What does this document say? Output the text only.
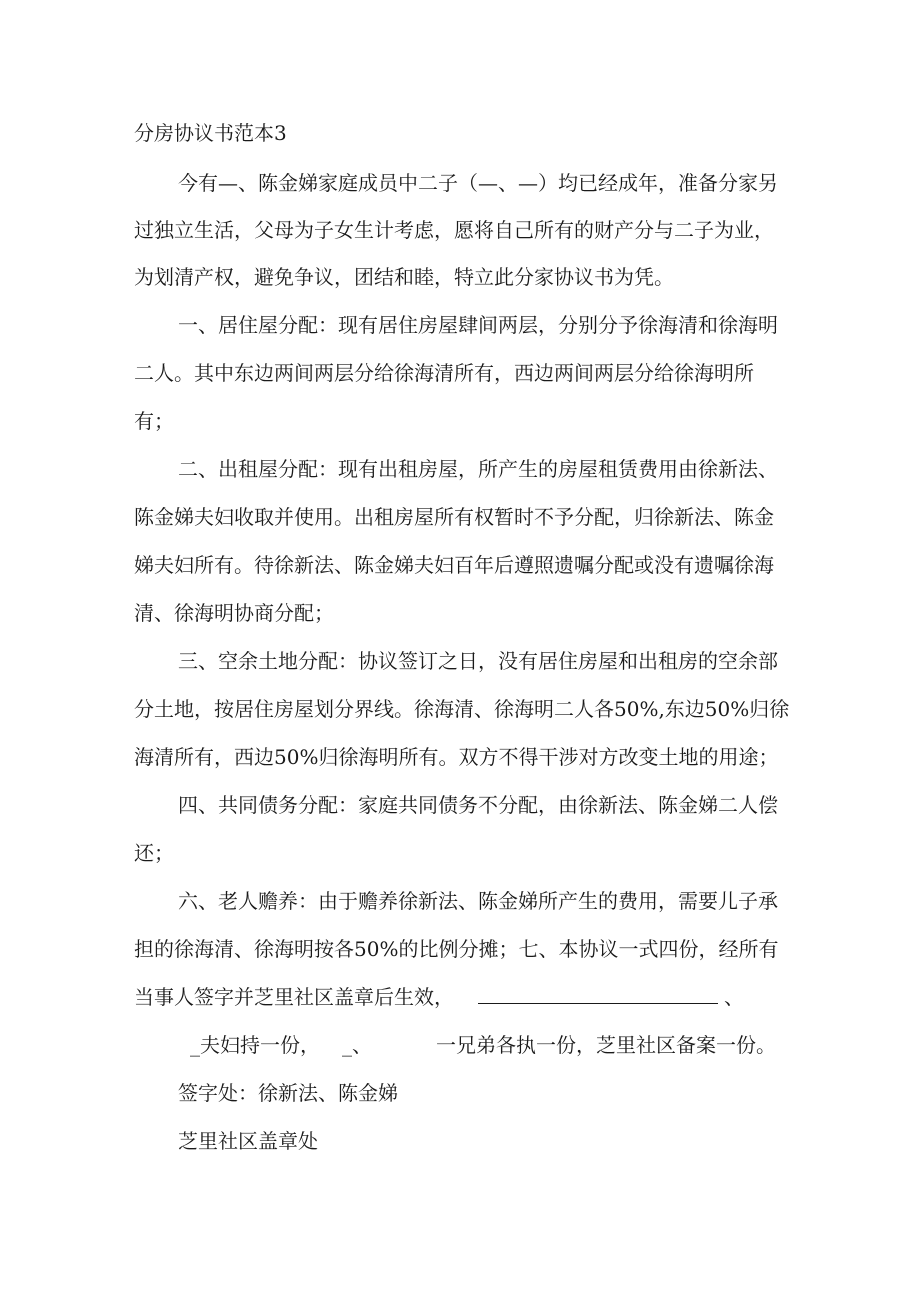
分房协议书范本3
今有—、陈金娣家庭成员中二子（—、—）均已经成年，准备分家另
过独立生活，父母为子女生计考虑，愿将自己所有的财产分与二子为业，
为划清产权，避免争议，团结和睦，特立此分家协议书为凭。
一、居住屋分配：现有居住房屋肆间两层，分别分予徐海清和徐海明
二人。其中东边两间两层分给徐海清所有，西边两间两层分给徐海明所
有；
二、出租屋分配：现有出租房屋，所产生的房屋租赁费用由徐新法、
陈金娣夫妇收取并使用。出租房屋所有权暂时不予分配，归徐新法、陈金
娣夫妇所有。待徐新法、陈金娣夫妇百年后遵照遗嘱分配或没有遗嘱徐海
清、徐海明协商分配；
三、空余土地分配：协议签订之日，没有居住房屋和出租房的空余部
分土地，按居住房屋划分界线。徐海清、徐海明二人各50%,东边50%归徐
海清所有，西边50%归徐海明所有。双方不得干涉对方改变土地的用途；
四、共同债务分配：家庭共同债务不分配，由徐新法、陈金娣二人偿
还；
六、老人赡养：由于赡养徐新法、陈金娣所产生的费用，需要儿子承
担的徐海清、徐海明按各50%的比例分摊；七、本协议一式四份，经所有
当事人签字并芝里社区盖章后生效，	、
_夫妇持一份， _、	一兄弟各执一份，芝里社区备案一份。
签字处：徐新法、陈金娣
芝里社区盖章处
